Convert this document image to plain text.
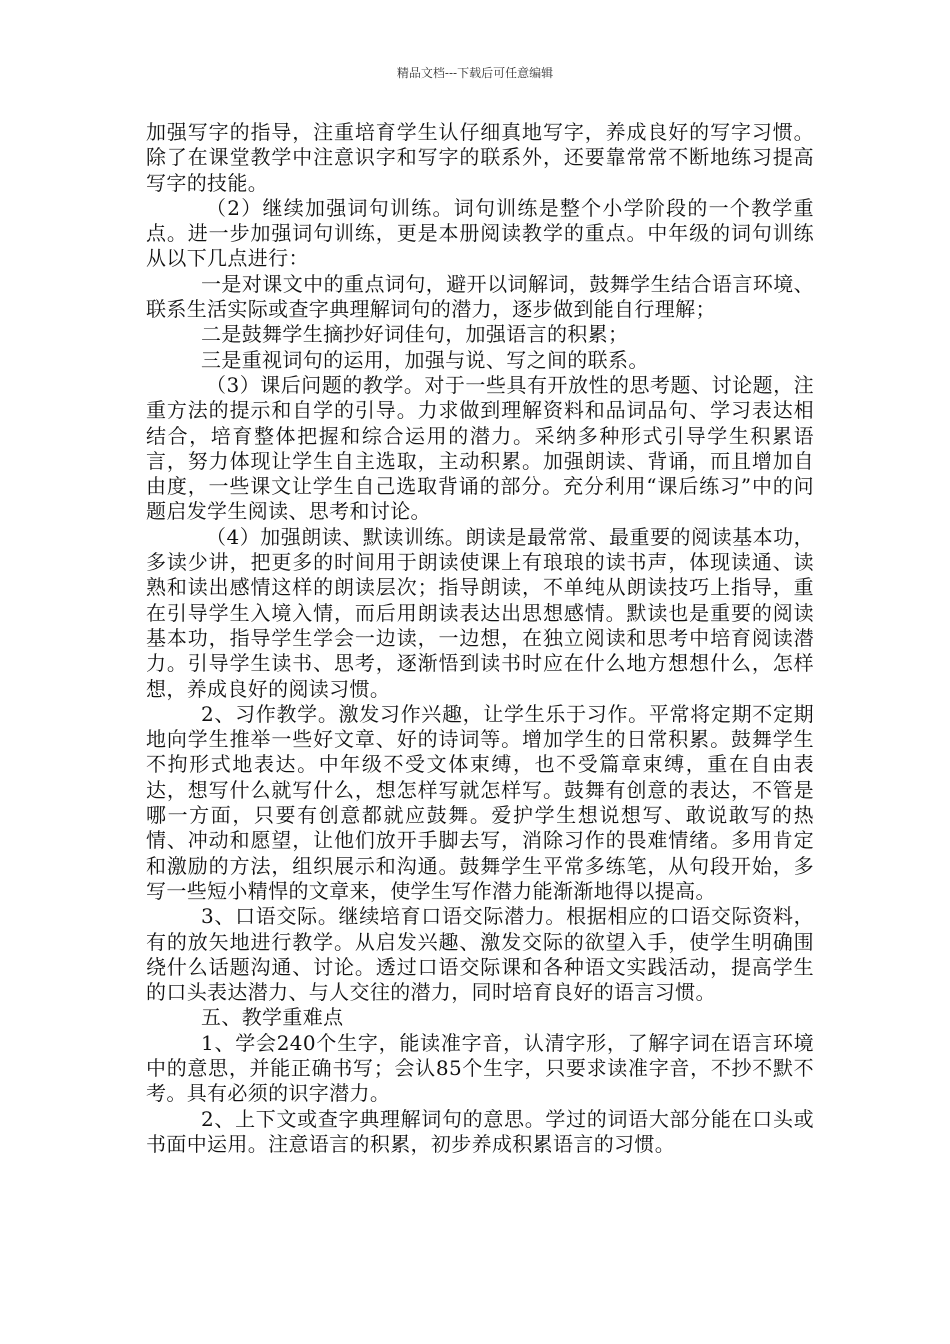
精品文档---下载后可任意编辑

加强写字的指导，注重培育学生认仔细真地写字，养成良好的写字习惯。除了在课堂教学中注意识字和写字的联系外，还要靠常常不断地练习提高写字的技能。

（2）继续加强词句训练。词句训练是整个小学阶段的一个教学重点。进一步加强词句训练，更是本册阅读教学的重点。中年级的词句训练从以下几点进行：

一是对课文中的重点词句，避开以词解词，鼓舞学生结合语言环境、联系生活实际或查字典理解词句的潜力，逐步做到能自行理解；

二是鼓舞学生摘抄好词佳句，加强语言的积累；

三是重视词句的运用，加强与说、写之间的联系。

（3）课后问题的教学。对于一些具有开放性的思考题、讨论题，注重方法的提示和自学的引导。力求做到理解资料和品词品句、学习表达相结合，培育整体把握和综合运用的潜力。采纳多种形式引导学生积累语言，努力体现让学生自主选取，主动积累。加强朗读、背诵，而且增加自由度，一些课文让学生自己选取背诵的部分。充分利用“课后练习”中的问题启发学生阅读、思考和讨论。

（4）加强朗读、默读训练。朗读是最常常、最重要的阅读基本功，多读少讲，把更多的时间用于朗读使课上有琅琅的读书声，体现读通、读熟和读出感情这样的朗读层次；指导朗读，不单纯从朗读技巧上指导，重在引导学生入境入情，而后用朗读表达出思想感情。默读也是重要的阅读基本功，指导学生学会一边读，一边想，在独立阅读和思考中培育阅读潜力。引导学生读书、思考，逐渐悟到读书时应在什么地方想想什么，怎样想，养成良好的阅读习惯。

2、习作教学。激发习作兴趣，让学生乐于习作。平常将定期不定期地向学生推举一些好文章、好的诗词等。增加学生的日常积累。鼓舞学生不拘形式地表达。中年级不受文体束缚，也不受篇章束缚，重在自由表达，想写什么就写什么，想怎样写就怎样写。鼓舞有创意的表达，不管是哪一方面，只要有创意都就应鼓舞。爱护学生想说想写、敢说敢写的热情、冲动和愿望，让他们放开手脚去写，消除习作的畏难情绪。多用肯定和激励的方法，组织展示和沟通。鼓舞学生平常多练笔，从句段开始，多写一些短小精悍的文章来，使学生写作潜力能渐渐地得以提高。

3、口语交际。继续培育口语交际潜力。根据相应的口语交际资料，有的放矢地进行教学。从启发兴趣、激发交际的欲望入手，使学生明确围绕什么话题沟通、讨论。透过口语交际课和各种语文实践活动，提高学生的口头表达潜力、与人交往的潜力，同时培育良好的语言习惯。

五、教学重难点

1、学会240个生字，能读准字音，认清字形，了解字词在语言环境中的意思，并能正确书写；会认85个生字，只要求读准字音，不抄不默不考。具有必须的识字潜力。

2、上下文或查字典理解词句的意思。学过的词语大部分能在口头或书面中运用。注意语言的积累，初步养成积累语言的习惯。
